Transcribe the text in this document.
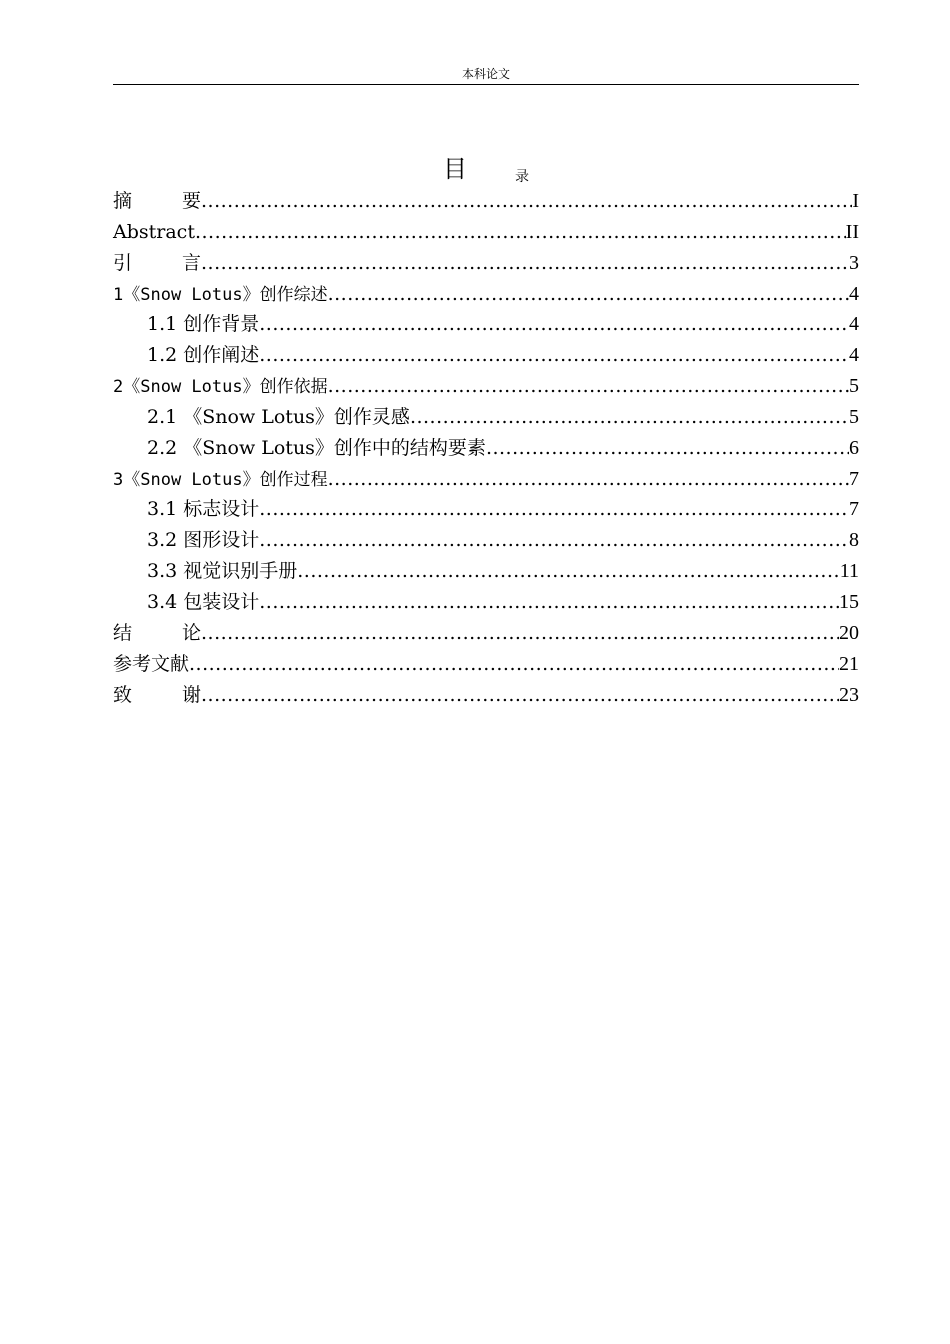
本科论文
目	录
摘	要 .....	I
Abstract .....	II
引	言 .....	3
1《Snow Lotus》创作综述 .....	4
1.1 创作背景 .....	4
1.2 创作阐述 .....	4
2《Snow Lotus》创作依据 .....	5
2.1 《Snow Lotus》创作灵感 .....	5
2.2 《Snow Lotus》创作中的结构要素 .....	6
3《Snow Lotus》创作过程 .....	7
3.1 标志设计 .....	7
3.2 图形设计 .....	8
3.3 视觉识别手册 .....	11
3.4 包装设计 .....	15
结	论 .....	20
参考文献 .....	21
致	谢 .....	23
